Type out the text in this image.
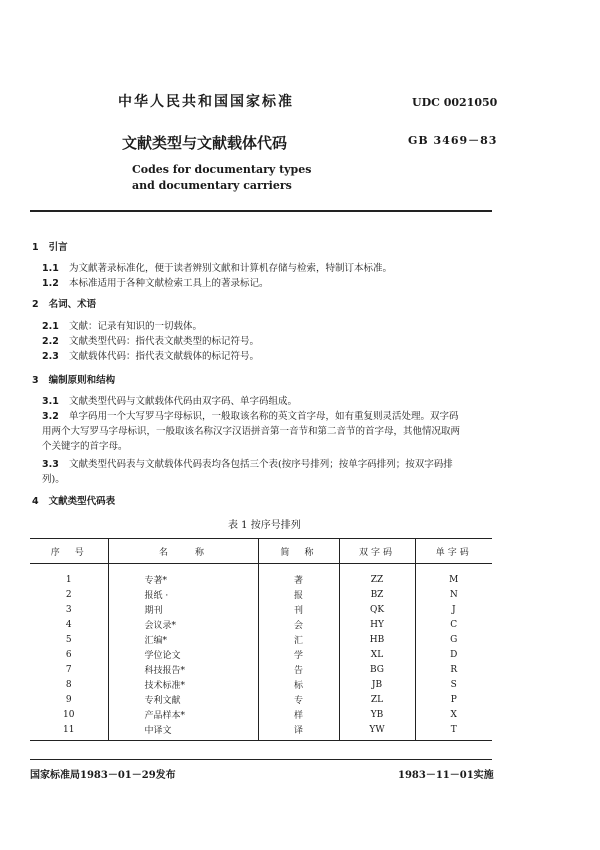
中华人民共和国国家标准	UDC 0021050
文献类型与文献载体代码	GB 3469－83
Codes for documentary types
and documentary carriers
1 引言
1.1 为文献著录标准化，便于读者辨别文献和计算机存储与检索，特制订本标准。
1.2 本标准适用于各种文献检索工具上的著录标记。
2 名词、术语
2.1 文献：记录有知识的一切载体。
2.2 文献类型代码：指代表文献类型的标记符号。
2.3 文献载体代码：指代表文献载体的标记符号。
3 编制原则和结构
3.1 文献类型代码与文献载体代码由双字码、单字码组成。
3.2 单字码用一个大写罗马字母标识，一般取该名称的英文首字母，如有重复则灵活处理。双字码
用两个大写罗马字母标识，一般取该名称汉字汉语拼音第一音节和第二音节的首字母，其他情况取两
个关键字的首字母。
3.3 文献类型代码表与文献载体代码表均各包括三个表(按序号排列；按单字码排列；按双字码排
列)。
4 文献类型代码表
表 1 按序号排列
序　号	名　　称	简　称	双字码	单字码
1	专著*	著	ZZ	M
2	报纸 ·	报	BZ	N
3	期刊	刊	QK	J
4	会议录*	会	HY	C
5	汇编*	汇	HB	G
6	学位论文	学	XL	D
7	科技报告*	告	BG	R
8	技术标准*	标	JB	S
9	专利文献	专	ZL	P
10	产品样本*	样	YB	X
11	中译文	译	YW	T
国家标准局1983－01－29发布	1983－11－01实施
